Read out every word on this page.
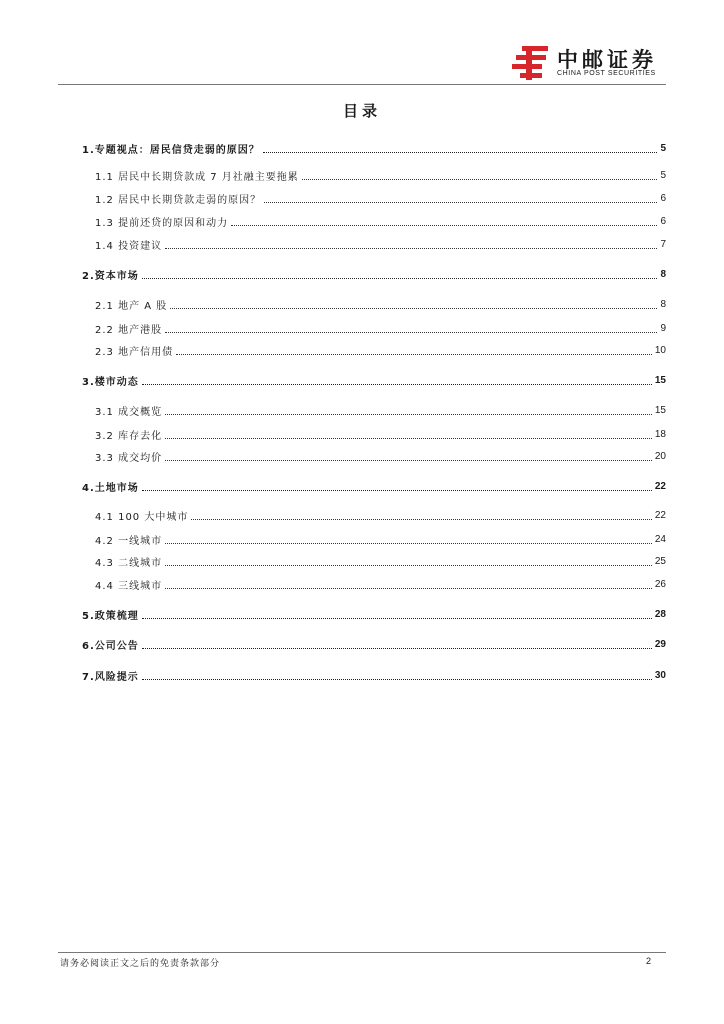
中邮证券
CHINA POST SECURITIES
目录
1.专题视点：居民信贷走弱的原因？	5
1.1 居民中长期贷款成 7 月社融主要拖累	5
1.2 居民中长期贷款走弱的原因？	6
1.3 提前还贷的原因和动力	6
1.4 投资建议	7
2.资本市场	8
2.1 地产 A 股	8
2.2 地产港股	9
2.3 地产信用债	10
3.楼市动态	15
3.1 成交概览	15
3.2 库存去化	18
3.3 成交均价	20
4.土地市场	22
4.1 100 大中城市	22
4.2 一线城市	24
4.3 二线城市	25
4.4 三线城市	26
5.政策梳理	28
6.公司公告	29
7.风险提示	30
请务必阅读正文之后的免责条款部分	2
